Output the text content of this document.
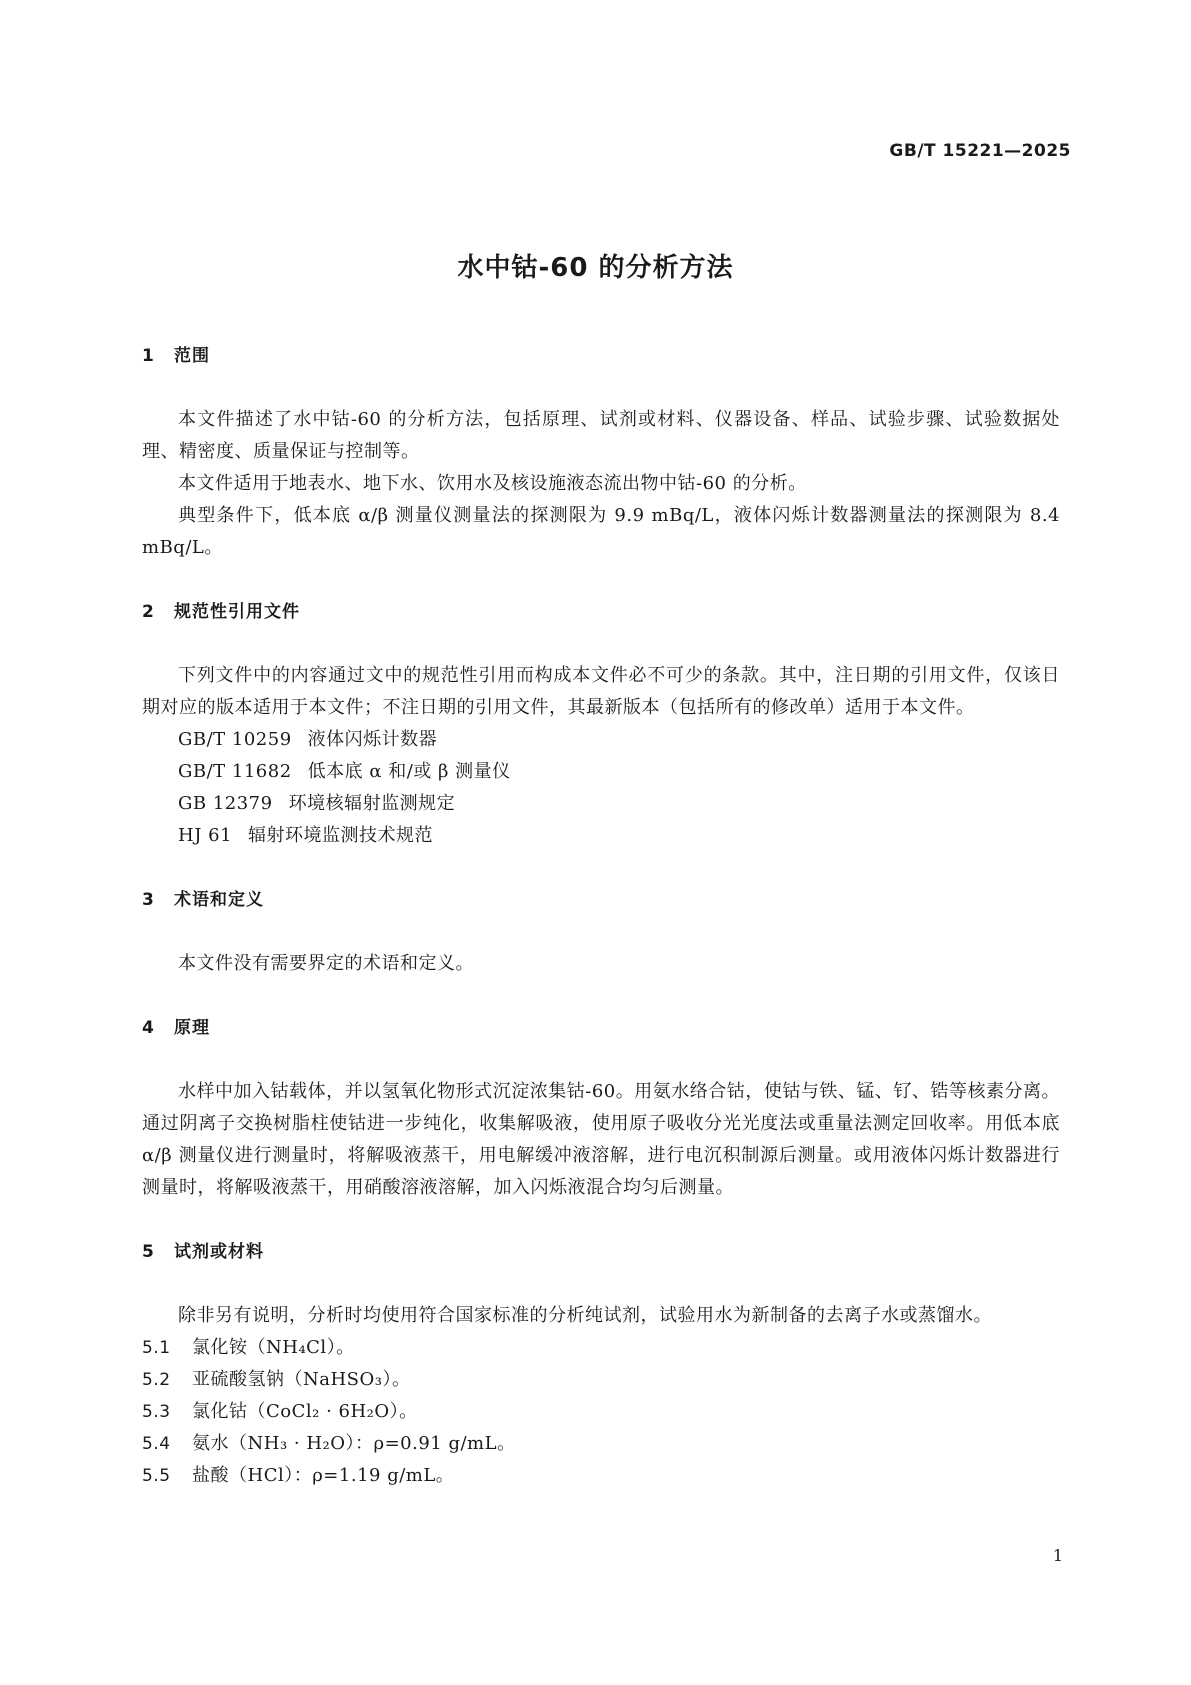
GB/T 15221—2025
水中钴-60 的分析方法
1 范围

本文件描述了水中钴-60 的分析方法，包括原理、试剂或材料、仪器设备、样品、试验步骤、试验数据处理、精密度、质量保证与控制等。

本文件适用于地表水、地下水、饮用水及核设施液态流出物中钴-60 的分析。

典型条件下，低本底 α/β 测量仪测量法的探测限为 9.9 mBq/L，液体闪烁计数器测量法的探测限为 8.4 mBq/L。

2 规范性引用文件

下列文件中的内容通过文中的规范性引用而构成本文件必不可少的条款。其中，注日期的引用文件，仅该日期对应的版本适用于本文件；不注日期的引用文件，其最新版本（包括所有的修改单）适用于本文件。

GB/T 10259 液体闪烁计数器

GB/T 11682 低本底 α 和/或 β 测量仪

GB 12379 环境核辐射监测规定

HJ 61 辐射环境监测技术规范

3 术语和定义

本文件没有需要界定的术语和定义。

4 原理

水样中加入钴载体，并以氢氧化物形式沉淀浓集钴-60。用氨水络合钴，使钴与铁、锰、钌、锆等核素分离。通过阴离子交换树脂柱使钴进一步纯化，收集解吸液，使用原子吸收分光光度法或重量法测定回收率。用低本底 α/β 测量仪进行测量时，将解吸液蒸干，用电解缓冲液溶解，进行电沉积制源后测量。或用液体闪烁计数器进行测量时，将解吸液蒸干，用硝酸溶液溶解，加入闪烁液混合均匀后测量。

5 试剂或材料

除非另有说明，分析时均使用符合国家标准的分析纯试剂，试验用水为新制备的去离子水或蒸馏水。

5.1 氯化铵（NH₄Cl）。

5.2 亚硫酸氢钠（NaHSO₃）。

5.3 氯化钴（CoCl₂ · 6H₂O）。

5.4 氨水（NH₃ · H₂O）：ρ=0.91 g/mL。

5.5 盐酸（HCl）：ρ=1.19 g/mL。

1
